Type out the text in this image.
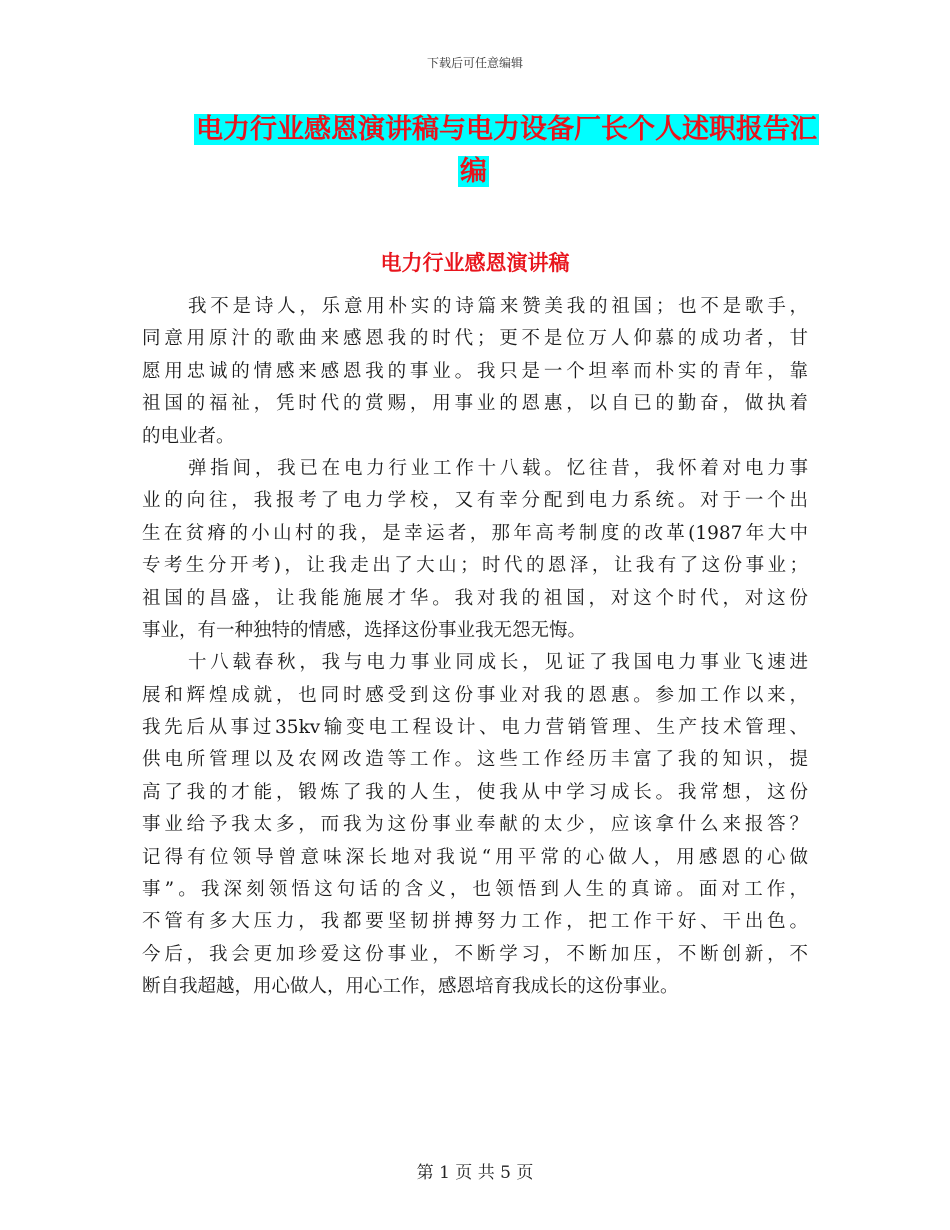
下载后可任意编辑
电力行业感恩演讲稿与电力设备厂长个人述职报告汇
编
电力行业感恩演讲稿
我不是诗人，乐意用朴实的诗篇来赞美我的祖国；也不是歌手，
同意用原汁的歌曲来感恩我的时代；更不是位万人仰慕的成功者，甘
愿用忠诚的情感来感恩我的事业。我只是一个坦率而朴实的青年，靠
祖国的福祉，凭时代的赏赐，用事业的恩惠，以自已的勤奋，做执着
的电业者。
弹指间，我已在电力行业工作十八载。忆往昔，我怀着对电力事
业的向往，我报考了电力学校，又有幸分配到电力系统。对于一个出
生在贫瘠的小山村的我，是幸运者，那年高考制度的改革(1987年大中
专考生分开考)，让我走出了大山；时代的恩泽，让我有了这份事业；
祖国的昌盛，让我能施展才华。我对我的祖国，对这个时代，对这份
事业，有一种独特的情感，选择这份事业我无怨无悔。
十八载春秋，我与电力事业同成长，见证了我国电力事业飞速进
展和辉煌成就，也同时感受到这份事业对我的恩惠。参加工作以来，
我先后从事过35kv输变电工程设计、电力营销管理、生产技术管理、
供电所管理以及农网改造等工作。这些工作经历丰富了我的知识，提
高了我的才能，锻炼了我的人生，使我从中学习成长。我常想，这份
事业给予我太多，而我为这份事业奉献的太少，应该拿什么来报答？
记得有位领导曾意味深长地对我说“用平常的心做人，用感恩的心做
事”。我深刻领悟这句话的含义，也领悟到人生的真谛。面对工作，
不管有多大压力，我都要坚韧拼搏努力工作，把工作干好、干出色。
今后，我会更加珍爱这份事业，不断学习，不断加压，不断创新，不
断自我超越，用心做人，用心工作，感恩培育我成长的这份事业。
第 1 页 共 5 页
